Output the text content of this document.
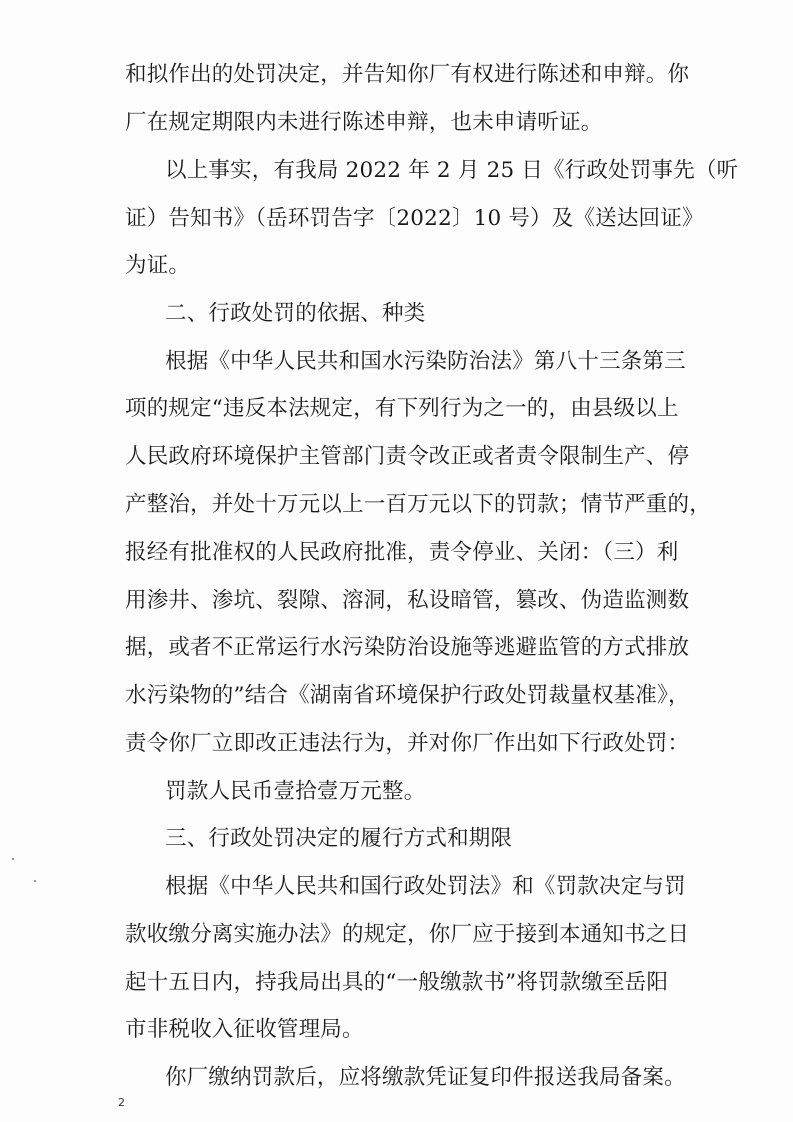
和拟作出的处罚决定，并告知你厂有权进行陈述和申辩。你
厂在规定期限内未进行陈述申辩，也未申请听证。
以上事实，有我局 2022 年 2 月 25 日《行政处罚事先（听
证）告知书》（岳环罚告字〔2022〕10 号）及《送达回证》
为证。
二、行政处罚的依据、种类
根据《中华人民共和国水污染防治法》第八十三条第三
项的规定“违反本法规定，有下列行为之一的，由县级以上
人民政府环境保护主管部门责令改正或者责令限制生产、停
产整治，并处十万元以上一百万元以下的罚款；情节严重的，
报经有批准权的人民政府批准，责令停业、关闭：（三）利
用渗井、渗坑、裂隙、溶洞，私设暗管，篡改、伪造监测数
据，或者不正常运行水污染防治设施等逃避监管的方式排放
水污染物的”结合《湖南省环境保护行政处罚裁量权基准》，
责令你厂立即改正违法行为，并对你厂作出如下行政处罚：
罚款人民币壹拾壹万元整。
三、行政处罚决定的履行方式和期限
根据《中华人民共和国行政处罚法》和《罚款决定与罚
款收缴分离实施办法》的规定，你厂应于接到本通知书之日
起十五日内，持我局出具的“一般缴款书”将罚款缴至岳阳
市非税收入征收管理局。
你厂缴纳罚款后，应将缴款凭证复印件报送我局备案。
2
